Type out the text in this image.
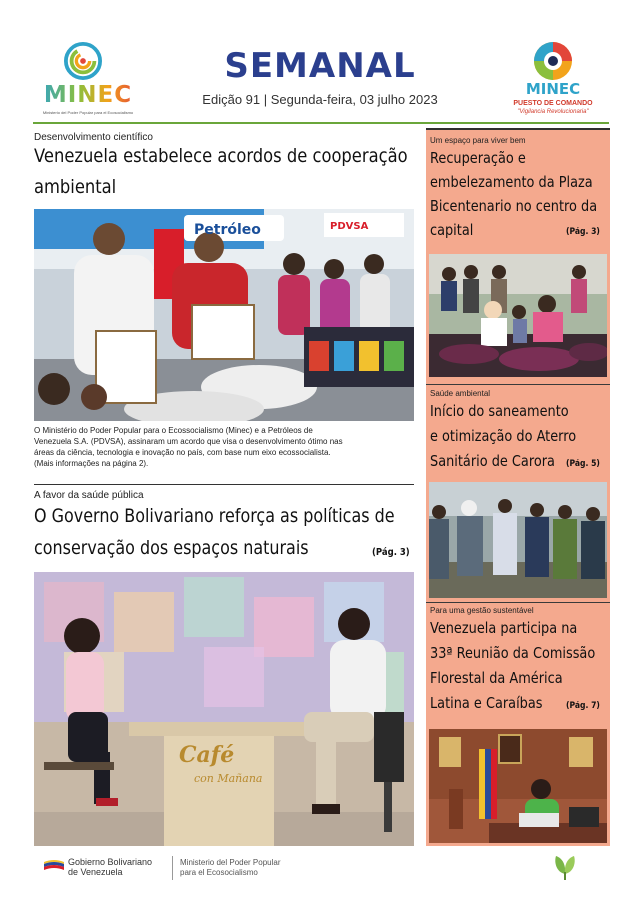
MINEC
Ministerio del Poder Popular para el Ecosocialismo
SEMANAL
Edição 91 | Segunda-feira, 03 julho 2023
MINEC
PUESTO DE COMANDO
"Vigilancia Revolucionaria"
Desenvolvimento científico
Venezuela estabelece acordos de cooperação
ambiental
Petróleo	PDVSA
O Ministério do Poder Popular para o Ecossocialismo (Minec) e a Petróleos de
Venezuela S.A. (PDVSA), assinaram um acordo que visa o desenvolvimento ótimo nas
áreas da ciência, tecnologia e inovação no país, com base num eixo ecossocialista.
(Mais informações na página 2).
A favor da saúde pública
O Governo Bolivariano reforça as políticas de
conservação dos espaços naturais	(Pág. 3)
Café
con Mañana
Um espaço para viver bem
Recuperação e
embelezamento da Plaza
Bicentenario no centro da
capital	(Pág. 3)
Saúde ambiental
Início do saneamento
e otimização do Aterro
Sanitário de Carora	(Pág. 5)
Para uma gestão sustentável
Venezuela participa na
33ª Reunião da Comissão
Florestal da América
Latina e Caraíbas	(Pág. 7)
Gobierno Bolivariano
de Venezuela
Ministerio del Poder Popular
para el Ecosocialismo
